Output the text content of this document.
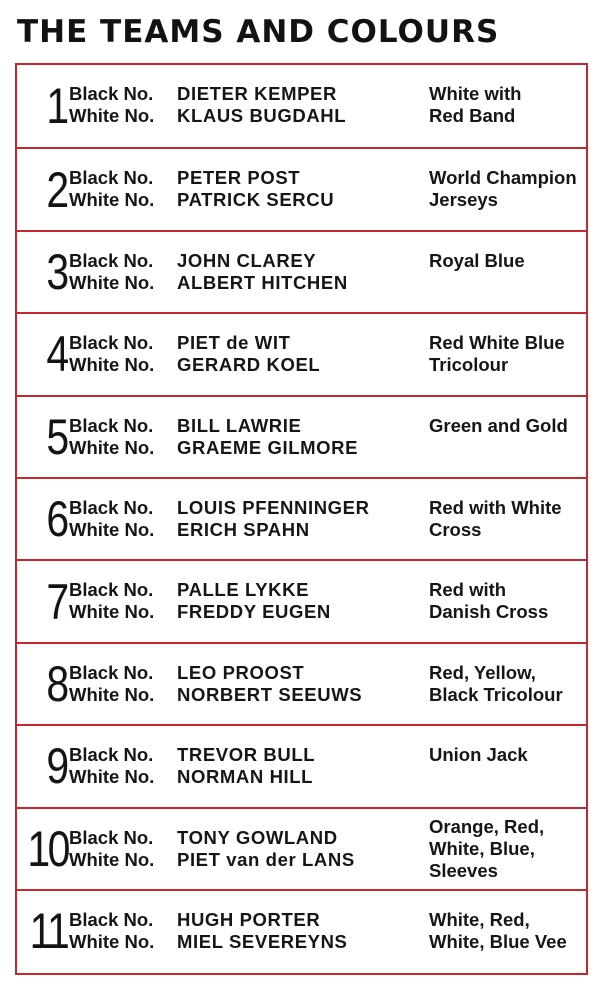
THE TEAMS AND COLOURS
1 Black No.
White No.
DIETER KEMPER
KLAUS BUGDAHL
White with
Red Band
2 Black No.
White No.
PETER POST
PATRICK SERCU
World Champion
Jerseys
3 Black No.
White No.
JOHN CLAREY
ALBERT HITCHEN
Royal Blue
4 Black No.
White No.
PIET de WIT
GERARD KOEL
Red White Blue
Tricolour
5 Black No.
White No.
BILL LAWRIE
GRAEME GILMORE
Green and Gold
6 Black No.
White No.
LOUIS PFENNINGER
ERICH SPAHN
Red with White
Cross
7 Black No.
White No.
PALLE LYKKE
FREDDY EUGEN
Red with
Danish Cross
8 Black No.
White No.
LEO PROOST
NORBERT SEEUWS
Red, Yellow,
Black Tricolour
9 Black No.
White No.
TREVOR BULL
NORMAN HILL
Union Jack
10 Black No.
White No.
TONY GOWLAND
PIET van der LANS
Orange, Red,
White, Blue,
Sleeves
11 Black No.
White No.
HUGH PORTER
MIEL SEVEREYNS
White, Red,
White, Blue Vee
